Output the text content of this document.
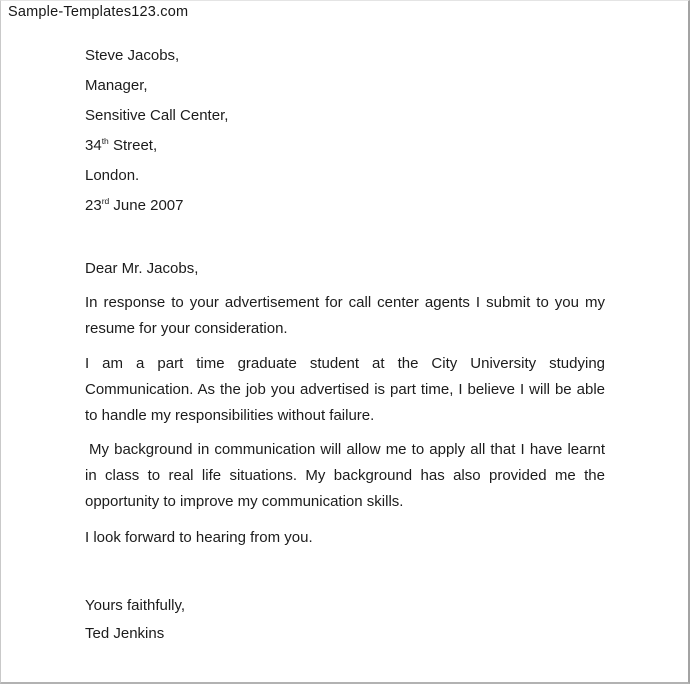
Sample-Templates123.com
Steve Jacobs,
Manager,
Sensitive Call Center,
34th Street,
London.
23rd June 2007

Dear Mr. Jacobs,

In response to your advertisement for call center agents I submit to you my resume for your consideration.

I am a part time graduate student at the City University studying Communication. As the job you advertised is part time, I believe I will be able to handle my responsibilities without failure.

My background in communication will allow me to apply all that I have learnt in class to real life situations. My background has also provided me the opportunity to improve my communication skills.

I look forward to hearing from you.

Yours faithfully,

Ted Jenkins
